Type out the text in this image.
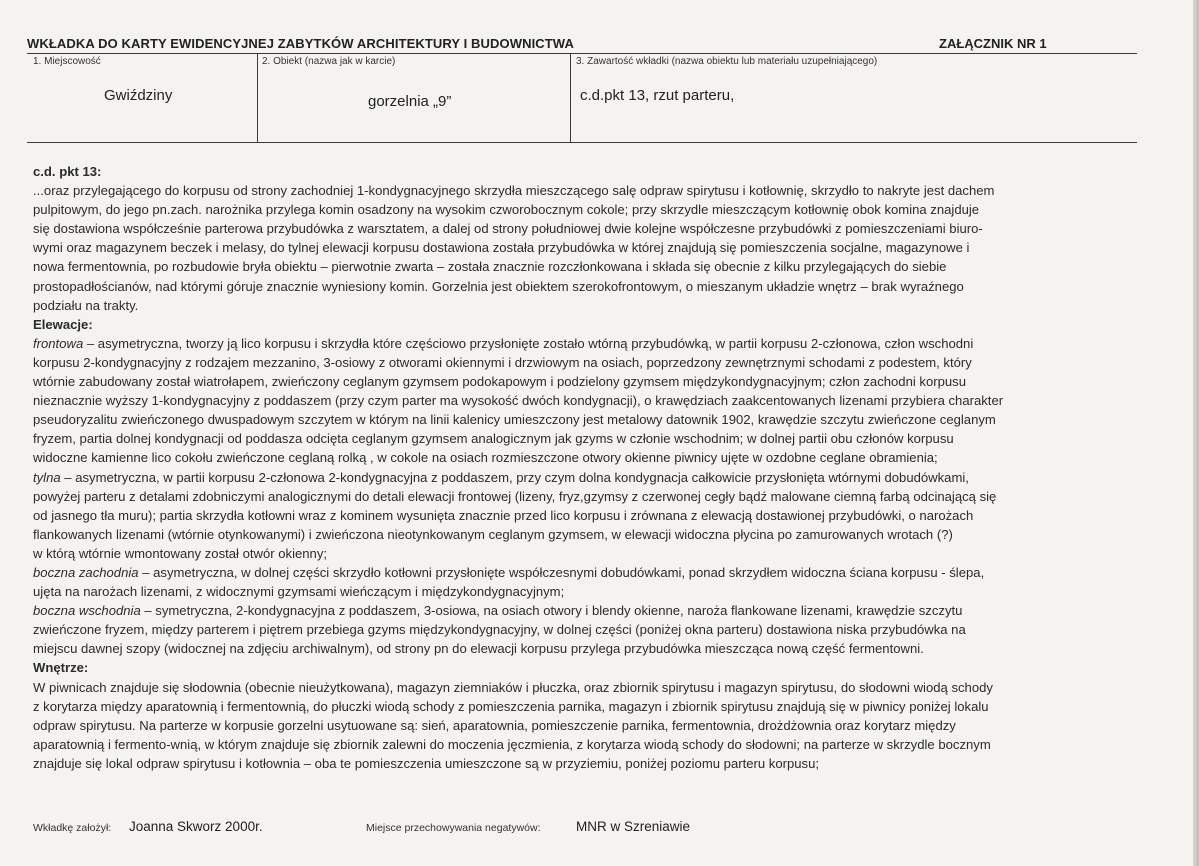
WKŁADKA DO KARTY EWIDENCYJNEJ ZABYTKÓW ARCHITEKTURY I BUDOWNICTWA	ZAŁĄCZNIK NR 1
1. Miejscowość
Gwiździny
2. Obiekt (nazwa jak w karcie)
gorzelnia „9”
3. Zawartość wkładki (nazwa obiektu lub materiału uzupełniającego)
c.d.pkt 13, rzut parteru,
c.d. pkt 13:
...oraz przylegającego do korpusu od strony zachodniej 1-kondygnacyjnego skrzydła mieszczącego salę odpraw spirytusu i kotłownię, skrzydło to nakryte jest dachem
pulpitowym, do jego pn.zach. narożnika przylega komin osadzony na wysokim czworobocznym cokole; przy skrzydle mieszczącym kotłownię obok komina znajduje
się dostawiona współcześnie parterowa przybudówka z warsztatem, a dalej od strony południowej dwie kolejne współczesne przybudówki z pomieszczeniami biuro-
wymi oraz magazynem beczek i melasy, do tylnej elewacji korpusu dostawiona została przybudówka w której znajdują się pomieszczenia socjalne, magazynowe i
nowa fermentownia, po rozbudowie bryła obiektu – pierwotnie zwarta – została znacznie rozczłonkowana i składa się obecnie z kilku przylegających do siebie
prostopadłościanów, nad którymi góruje znacznie wyniesiony komin. Gorzelnia jest obiektem szerokofrontowym, o mieszanym układzie wnętrz – brak wyraźnego
podziału na trakty.
Elewacje:
frontowa – asymetryczna, tworzy ją lico korpusu i skrzydła które częściowo przysłonięte zostało wtórną przybudówką, w partii korpusu 2-członowa, człon wschodni
korpusu 2-kondygnacyjny z rodzajem mezzanino, 3-osiowy z otworami okiennymi i drzwiowym na osiach, poprzedzony zewnętrznymi schodami z podestem, który
wtórnie zabudowany został wiatrołapem, zwieńczony ceglanym gzymsem podokapowym i podzielony gzymsem międzykondygnacyjnym; człon zachodni korpusu
nieznacznie wyższy 1-kondygnacyjny z poddaszem (przy czym parter ma wysokość dwóch kondygnacji), o krawędziach zaakcentowanych lizenami przybiera charakter
pseudoryzalitu zwieńczonego dwuspadowym szczytem w którym na linii kalenicy umieszczony jest metalowy datownik 1902, krawędzie szczytu zwieńczone ceglanym
fryzem, partia dolnej kondygnacji od poddasza odcięta ceglanym gzymsem analogicznym jak gzyms w członie wschodnim; w dolnej partii obu członów korpusu
widoczne kamienne lico cokołu zwieńczone ceglaną rolką , w cokole na osiach rozmieszczone otwory okienne piwnicy ujęte w ozdobne ceglane obramienia;
tylna – asymetryczna, w partii korpusu 2-członowa 2-kondygnacyjna z poddaszem, przy czym dolna kondygnacja całkowicie przysłonięta wtórnymi dobudówkami,
powyżej parteru z detalami zdobniczymi analogicznymi do detali elewacji frontowej (lizeny, fryz,gzymsy z czerwonej cegły bądź malowane ciemną farbą odcinającą się
od jasnego tła muru); partia skrzydła kotłowni wraz z kominem wysunięta znacznie przed lico korpusu i zrównana z elewacją dostawionej przybudówki, o narożach
flankowanych lizenami (wtórnie otynkowanymi) i zwieńczona nieotynkowanym ceglanym gzymsem, w elewacji widoczna płycina po zamurowanych wrotach (?)
w którą wtórnie wmontowany został otwór okienny;
boczna zachodnia – asymetryczna, w dolnej części skrzydło kotłowni przysłonięte współczesnymi dobudówkami, ponad skrzydłem widoczna ściana korpusu - ślepa,
ujęta na narożach lizenami, z widocznymi gzymsami wieńczącym i międzykondygnacyjnym;
boczna wschodnia – symetryczna, 2-kondygnacyjna z poddaszem, 3-osiowa, na osiach otwory i blendy okienne, naroża flankowane lizenami, krawędzie szczytu
zwieńczone fryzem, między parterem i piętrem przebiega gzyms międzykondygnacyjny, w dolnej części (poniżej okna parteru) dostawiona niska przybudówka na
miejscu dawnej szopy (widocznej na zdjęciu archiwalnym), od strony pn do elewacji korpusu przylega przybudówka mieszcząca nową część fermentowni.
Wnętrze:
W piwnicach znajduje się słodownia (obecnie nieużytkowana), magazyn ziemniaków i płuczka, oraz zbiornik spirytusu i magazyn spirytusu, do słodowni wiodą schody
z korytarza między aparatownią i fermentownią, do płuczki wiodą schody z pomieszczenia parnika, magazyn i zbiornik spirytusu znajdują się w piwnicy poniżej lokalu
odpraw spirytusu. Na parterze w korpusie gorzelni usytuowane są: sień, aparatownia, pomieszczenie parnika, fermentownia, drożdżownia oraz korytarz między
aparatownią i fermento-wnią, w którym znajduje się zbiornik zalewni do moczenia jęczmienia, z korytarza wiodą schody do słodowni; na parterze w skrzydle bocznym
znajduje się lokal odpraw spirytusu i kotłownia – oba te pomieszczenia umieszczone są w przyziemiu, poniżej poziomu parteru korpusu;
Wkładkę założył: Joanna Skworz 2000r.	Miejsce przechowywania negatywów:	MNR w Szreniawie
